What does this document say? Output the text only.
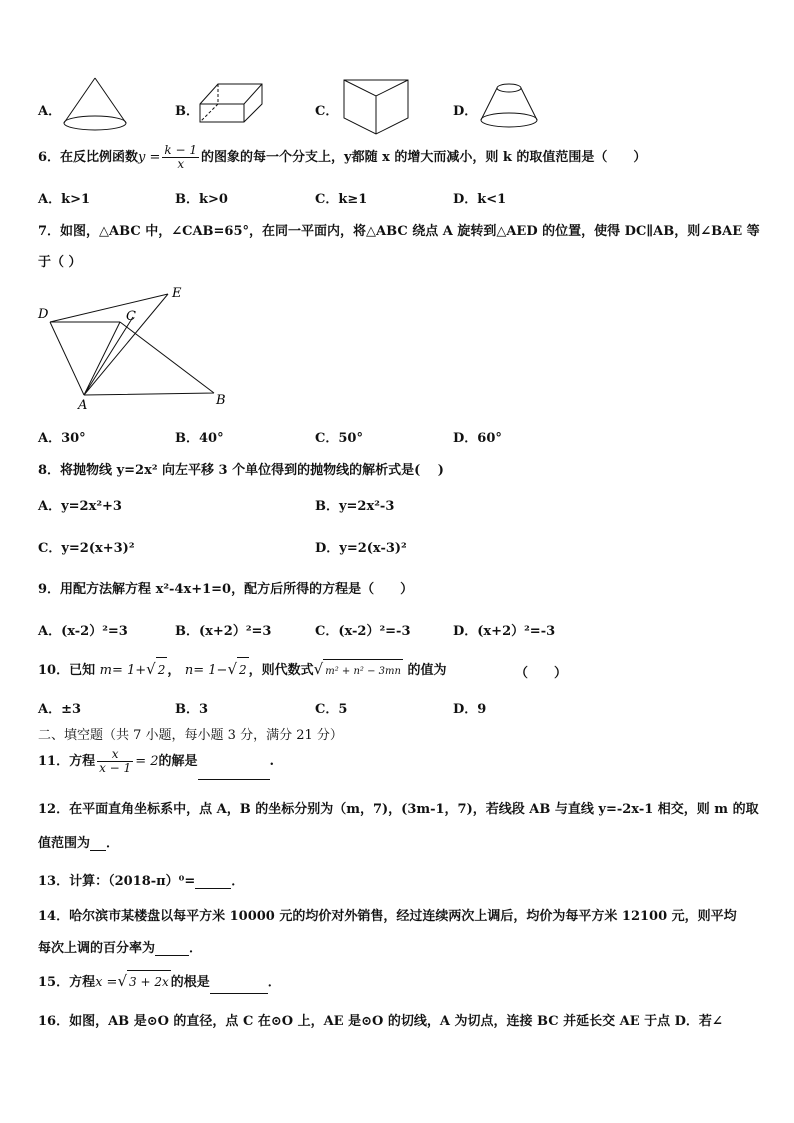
A．	B．	C．	D．
6．在反比例函数$y = \frac{k - 1}{x}$ 的图象的每一个分支上，y都随 x 的增大而减小，则 k 的取值范围是（　　）
A．k>1	B．k>0	C．k≥1	D．k<1
7．如图，△ABC 中，∠CAB=65°，在同一平面内，将△ABC 绕点 A 旋转到△AED 的位置，使得 DC∥AB，则∠BAE 等
于（ ）
D	C
E
A	B
A．30°	B．40°	C．50°	D．60°
8．将抛物线 y=2x² 向左平移 3 个单位得到的抛物线的解析式是(　 )
A．y=2x²+3	B．y=2x²-3
C．y=2(x+3)²	D．y=2(x-3)²
9．用配方法解方程 x²-4x+1=0，配方后所得的方程是（　　）
A．(x-2）²=3	B．(x+2）²=3	C．(x-2）²=-3	D．(x+2）²=-3
10．已知 m= 1+√ 2 ， n= 1−√ 2 ，则代数式√ m² + n² − 3mn 的值为	（　　）
A．±3	B．3	C．5	D．9
二、填空题（共 7 小题，每小题 3 分，满分 21 分）
11．方程 $\frac{x}{x - 1} = 2$的解是	.
12．在平面直角坐标系中，点 A，B 的坐标分别为（m，7)，(3m-1，7)，若线段 AB 与直线 y=-2x-1 相交，则 m 的取
值范围为 ．
13．计算：（2018-π）⁰=	．
14．哈尔滨市某楼盘以每平方米 10000 元的均价对外销售，经过连续两次上调后，均价为每平方米 12100 元，则平均
每次上调的百分率为	．
15．方程x =√ 3 + 2x 的根是	．
16．如图，AB 是⊙O 的直径，点 C 在⊙O 上，AE 是⊙O 的切线，A 为切点，连接 BC 并延长交 AE 于点 D．若∠
